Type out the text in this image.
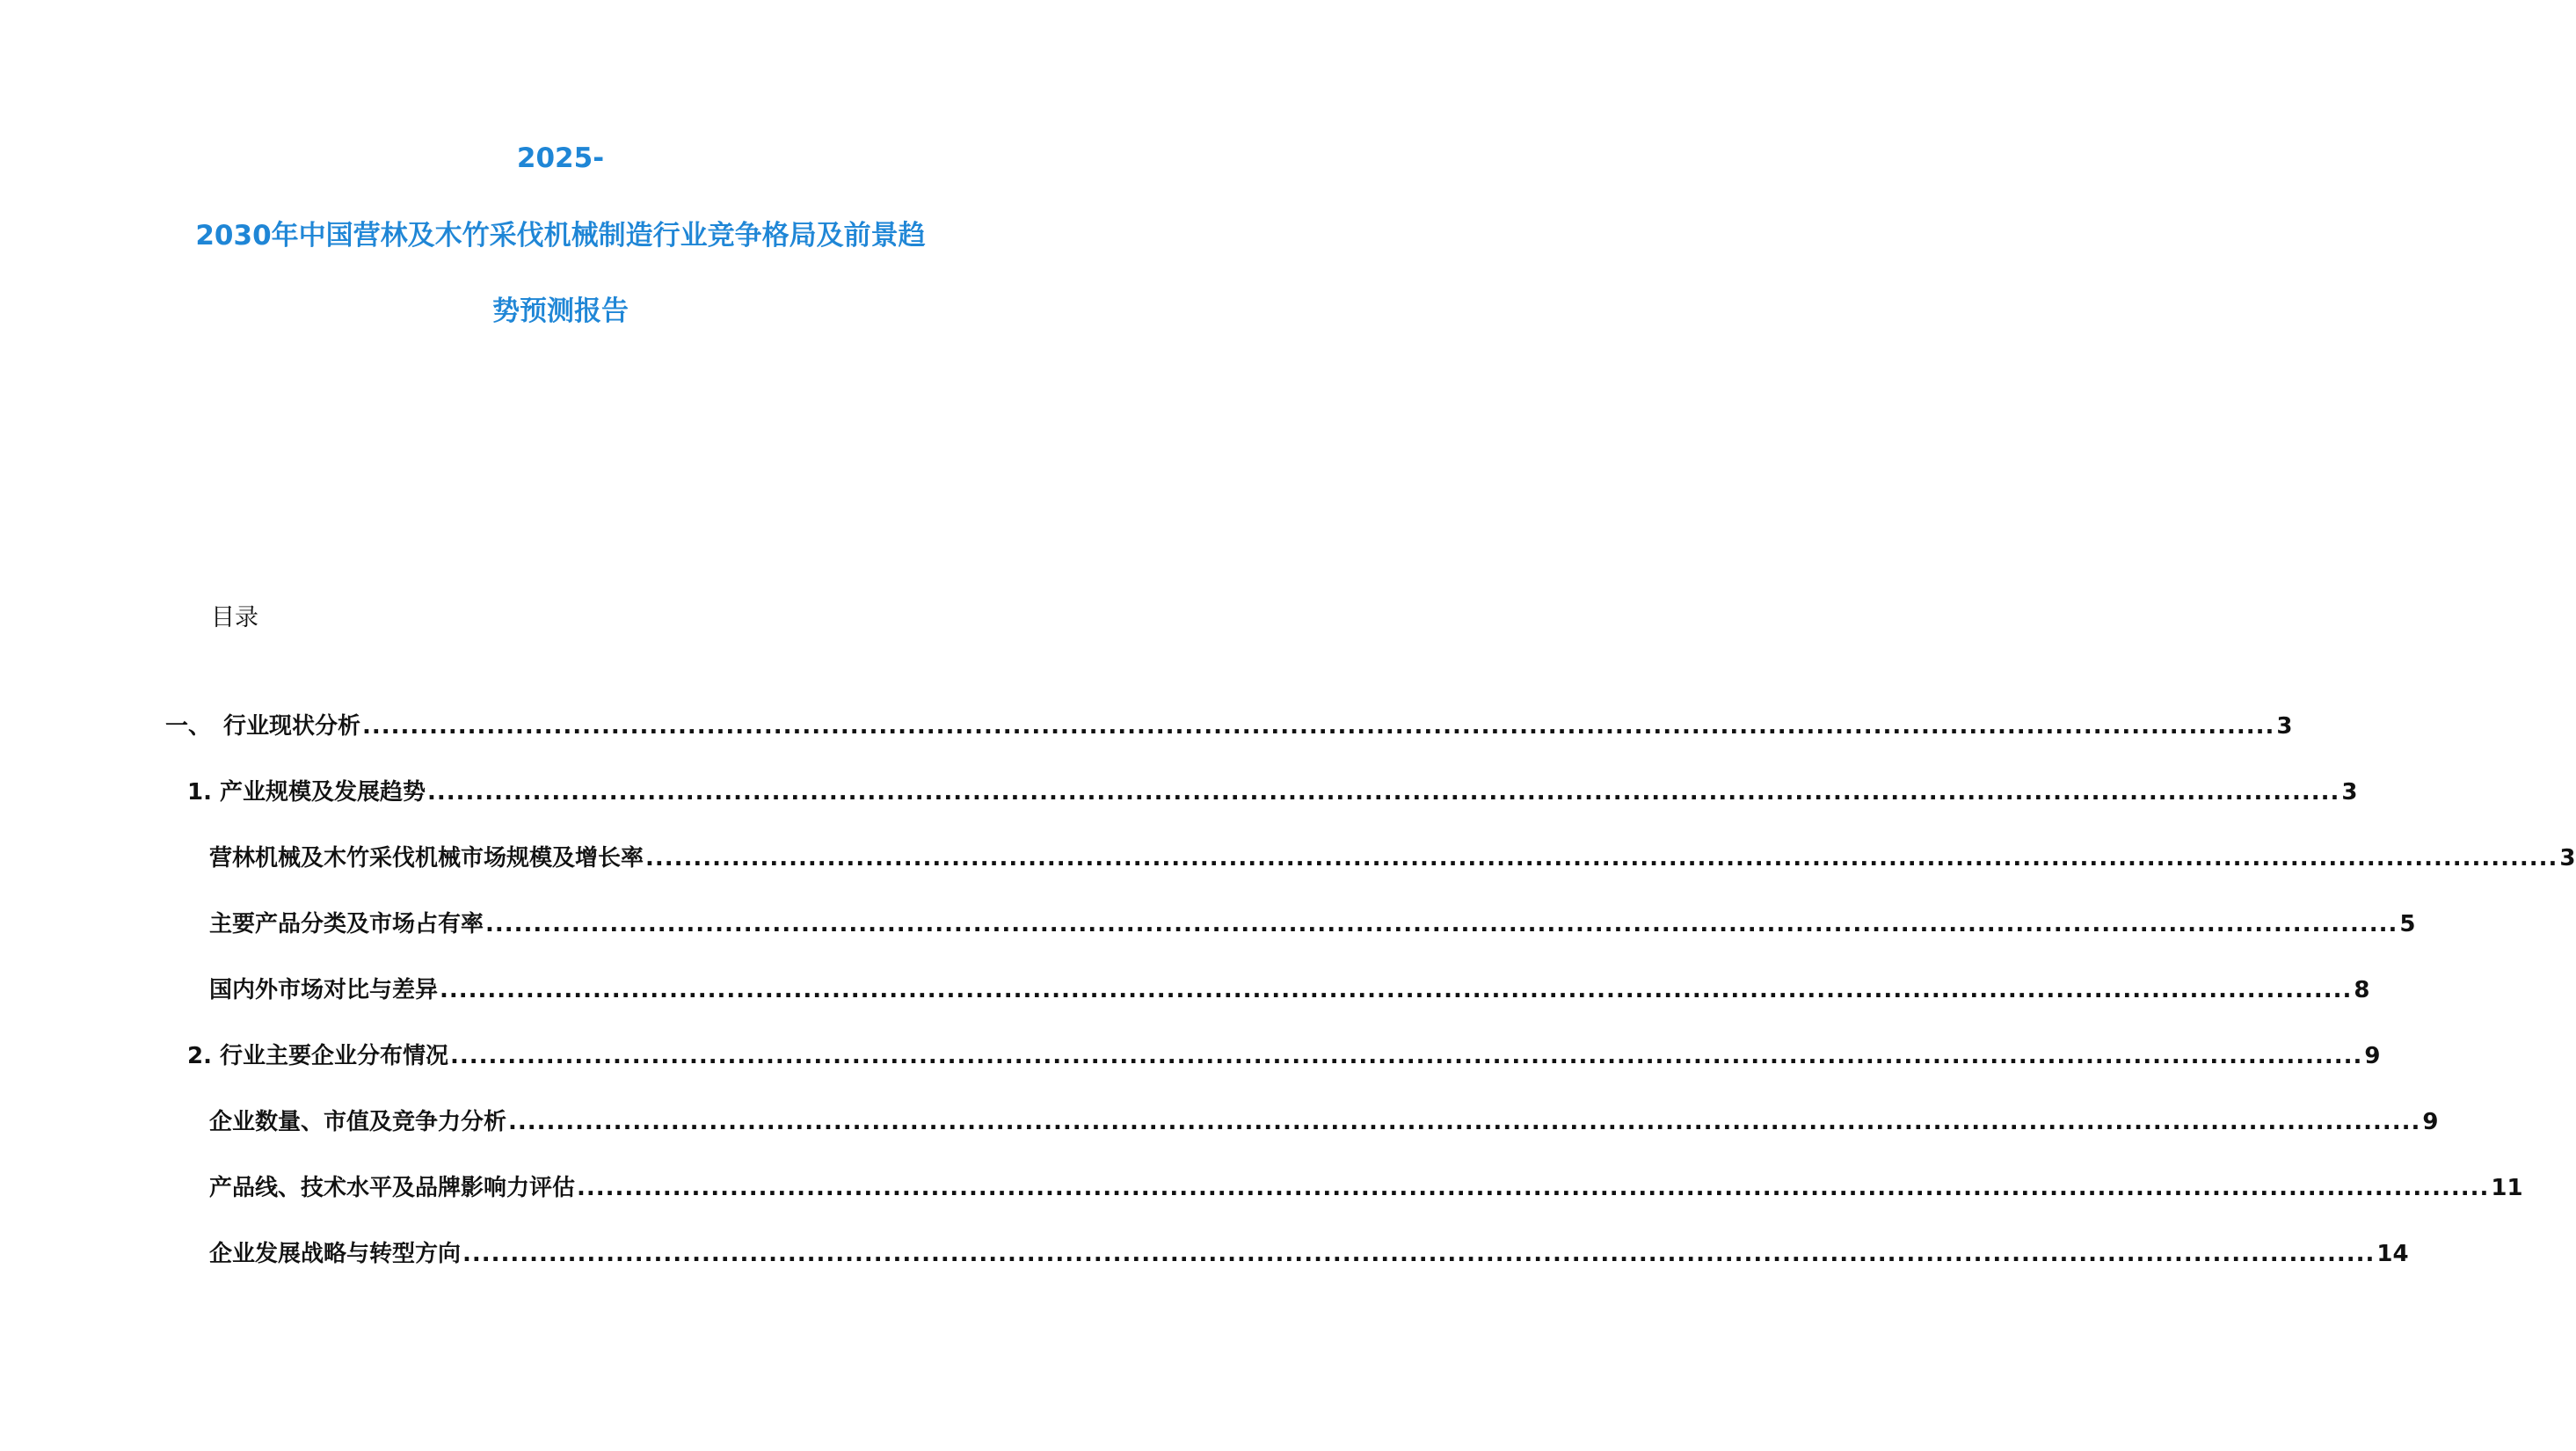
2025-
2030年中国营林及木竹采伐机械制造行业竞争格局及前景趋
势预测报告
目录
一、 行业现状分析 ........................................................................................................................................................................................................ 3
1. 产业规模及发展趋势 ........................................................................................................................................................................................................ 3
营林机械及木竹采伐机械市场规模及增长率 ........................................................................................................................................................................................................ 3
主要产品分类及市场占有率 ........................................................................................................................................................................................................ 5
国内外市场对比与差异 ........................................................................................................................................................................................................ 8
2. 行业主要企业分布情况 ........................................................................................................................................................................................................ 9
企业数量、市值及竞争力分析 ........................................................................................................................................................................................................ 9
产品线、技术水平及品牌影响力评估 ........................................................................................................................................................................................................ 11
企业发展战略与转型方向 ........................................................................................................................................................................................................ 14
